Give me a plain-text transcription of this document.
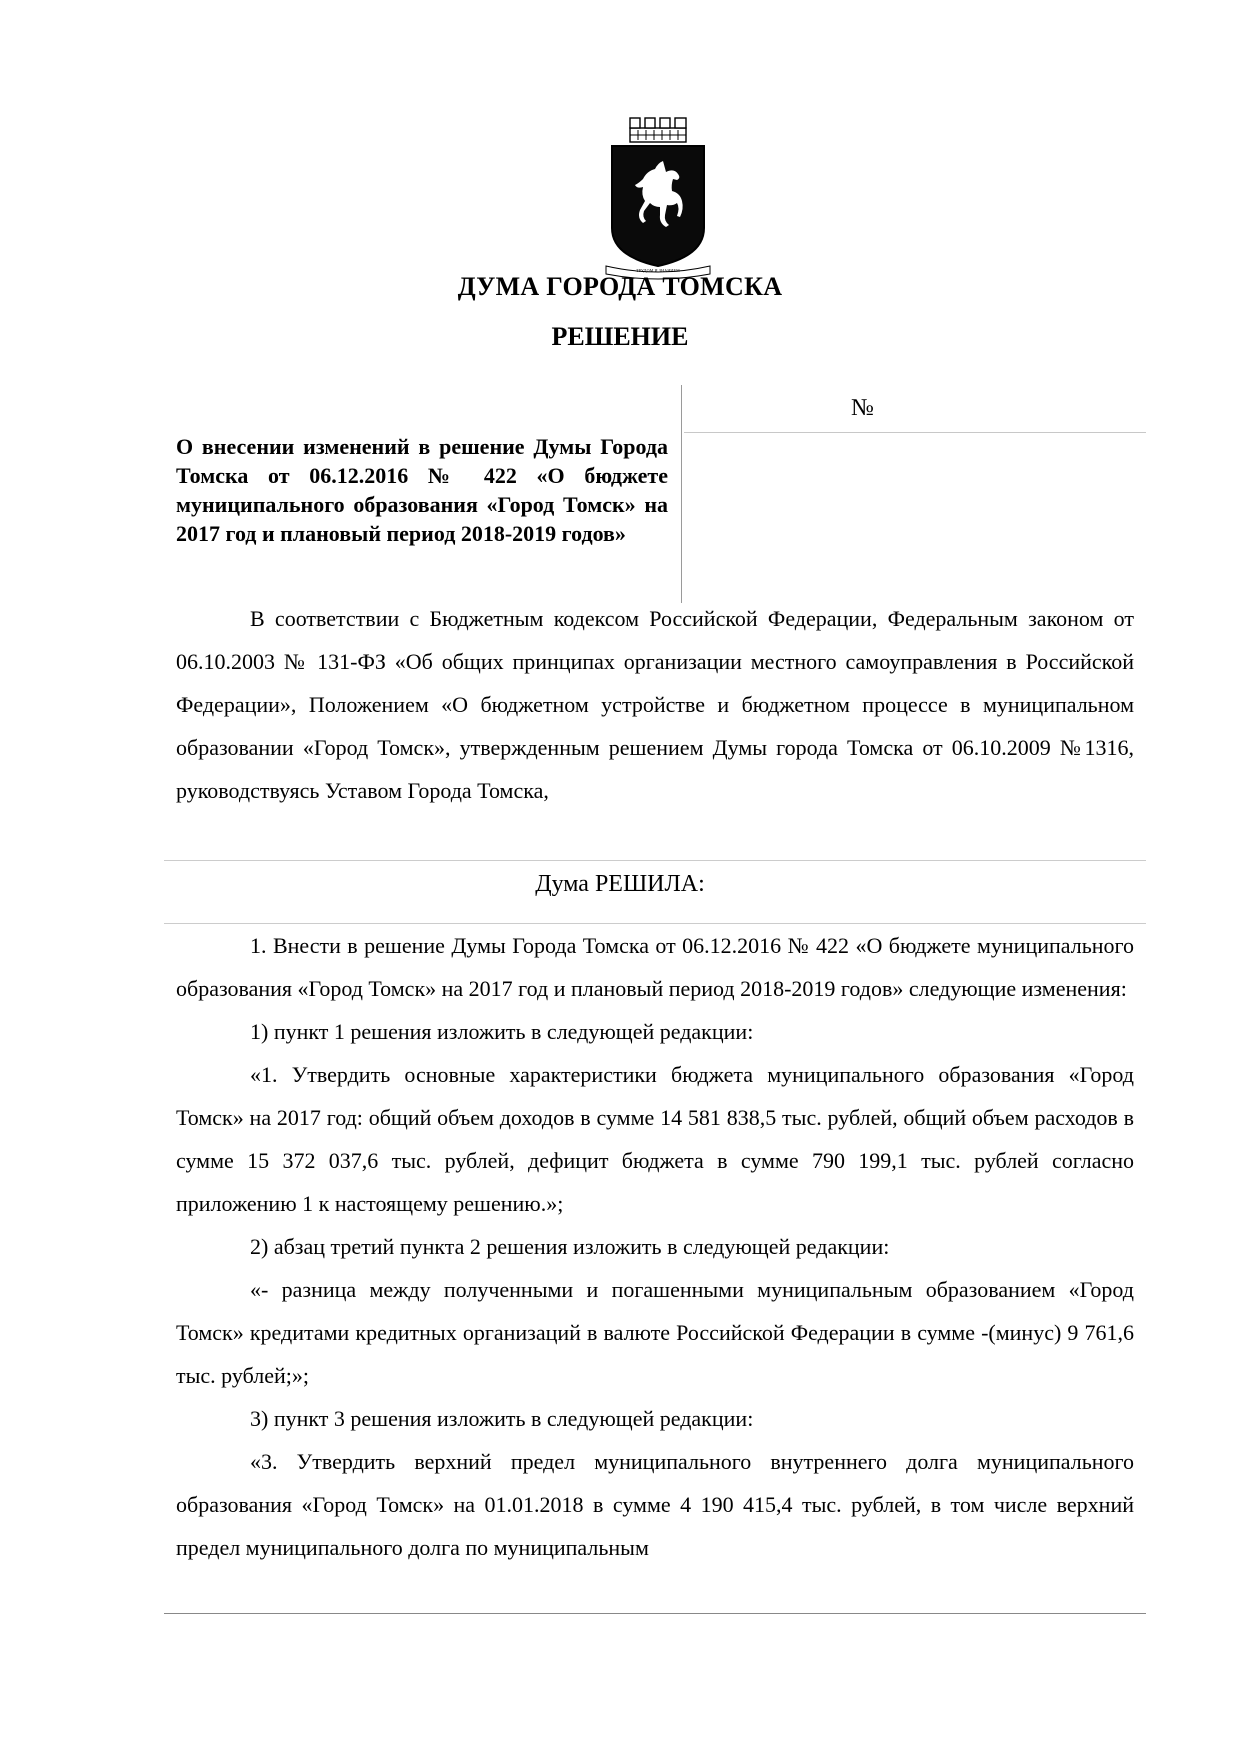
ТРУДОМ И ЗНАНИЕМ
ДУМА ГОРОДА ТОМСКА
РЕШЕНИЕ
№

О внесении изменений в решение Думы Города Томска от 06.12.2016 № 422 «О бюджете муниципального образования «Город Томск» на 2017 год и плановый период 2018-2019 годов»

В соответствии с Бюджетным кодексом Российской Федерации, Федеральным законом от 06.10.2003 № 131-ФЗ «Об общих принципах организации местного самоуправления в Российской Федерации», Положением «О бюджетном устройстве и бюджетном процессе в муниципальном образовании «Город Томск», утвержденным решением Думы города Томска от 06.10.2009 №1316, руководствуясь Уставом Города Томска,

Дума РЕШИЛА:

1. Внести в решение Думы Города Томска от 06.12.2016 № 422 «О бюджете муниципального образования «Город Томск» на 2017 год и плановый период 2018-2019 годов» следующие изменения:

1) пункт 1 решения изложить в следующей редакции:

«1. Утвердить основные характеристики бюджета муниципального образования «Город Томск» на 2017 год: общий объем доходов в сумме 14 581 838,5 тыс. рублей, общий объем расходов в сумме 15 372 037,6 тыс. рублей, дефицит бюджета в сумме 790 199,1 тыс. рублей согласно приложению 1 к настоящему решению.»;

2) абзац третий пункта 2 решения изложить в следующей редакции:

«- разница между полученными и погашенными муниципальным образованием «Город Томск» кредитами кредитных организаций в валюте Российской Федерации в сумме -(минус) 9 761,6 тыс. рублей;»;

3) пункт 3 решения изложить в следующей редакции:

«3. Утвердить верхний предел муниципального внутреннего долга муниципального образования «Город Томск» на 01.01.2018 в сумме 4 190 415,4 тыс. рублей, в том числе верхний предел муниципального долга по муниципальным
